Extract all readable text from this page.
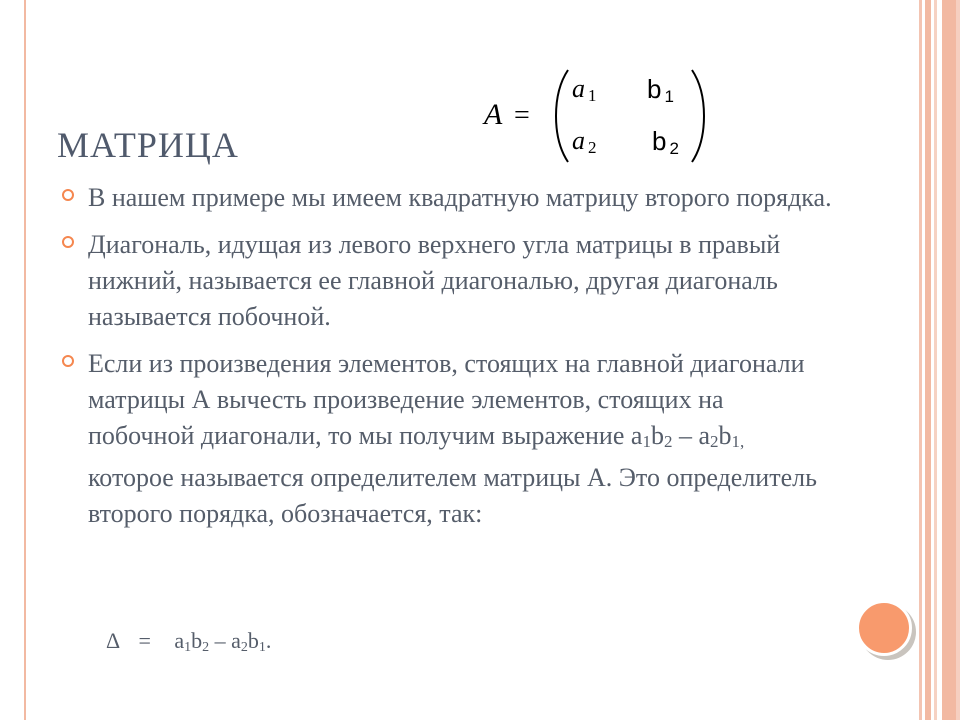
МАТРИЦА
A =
a $_1$ b $_1$
a $_2$ b $_2$
В нашем примере мы имеем квадратную матрицу второго порядка.
Диагональ, идущая из левого верхнего угла матрицы в правый нижний, называется ее главной диагональю, другая диагональ называется побочной.
Если из произведения элементов, стоящих на главной диагонали матрицы А вычесть произведение элементов, стоящих на побочной диагонали, то мы получим выражение $а_1b_2 - а_2b_{1,}$ которое называется определителем матрицы А. Это определитель второго порядка, обозначается, так:
$\Delta = а_1b_2 - а_2b_1$.
